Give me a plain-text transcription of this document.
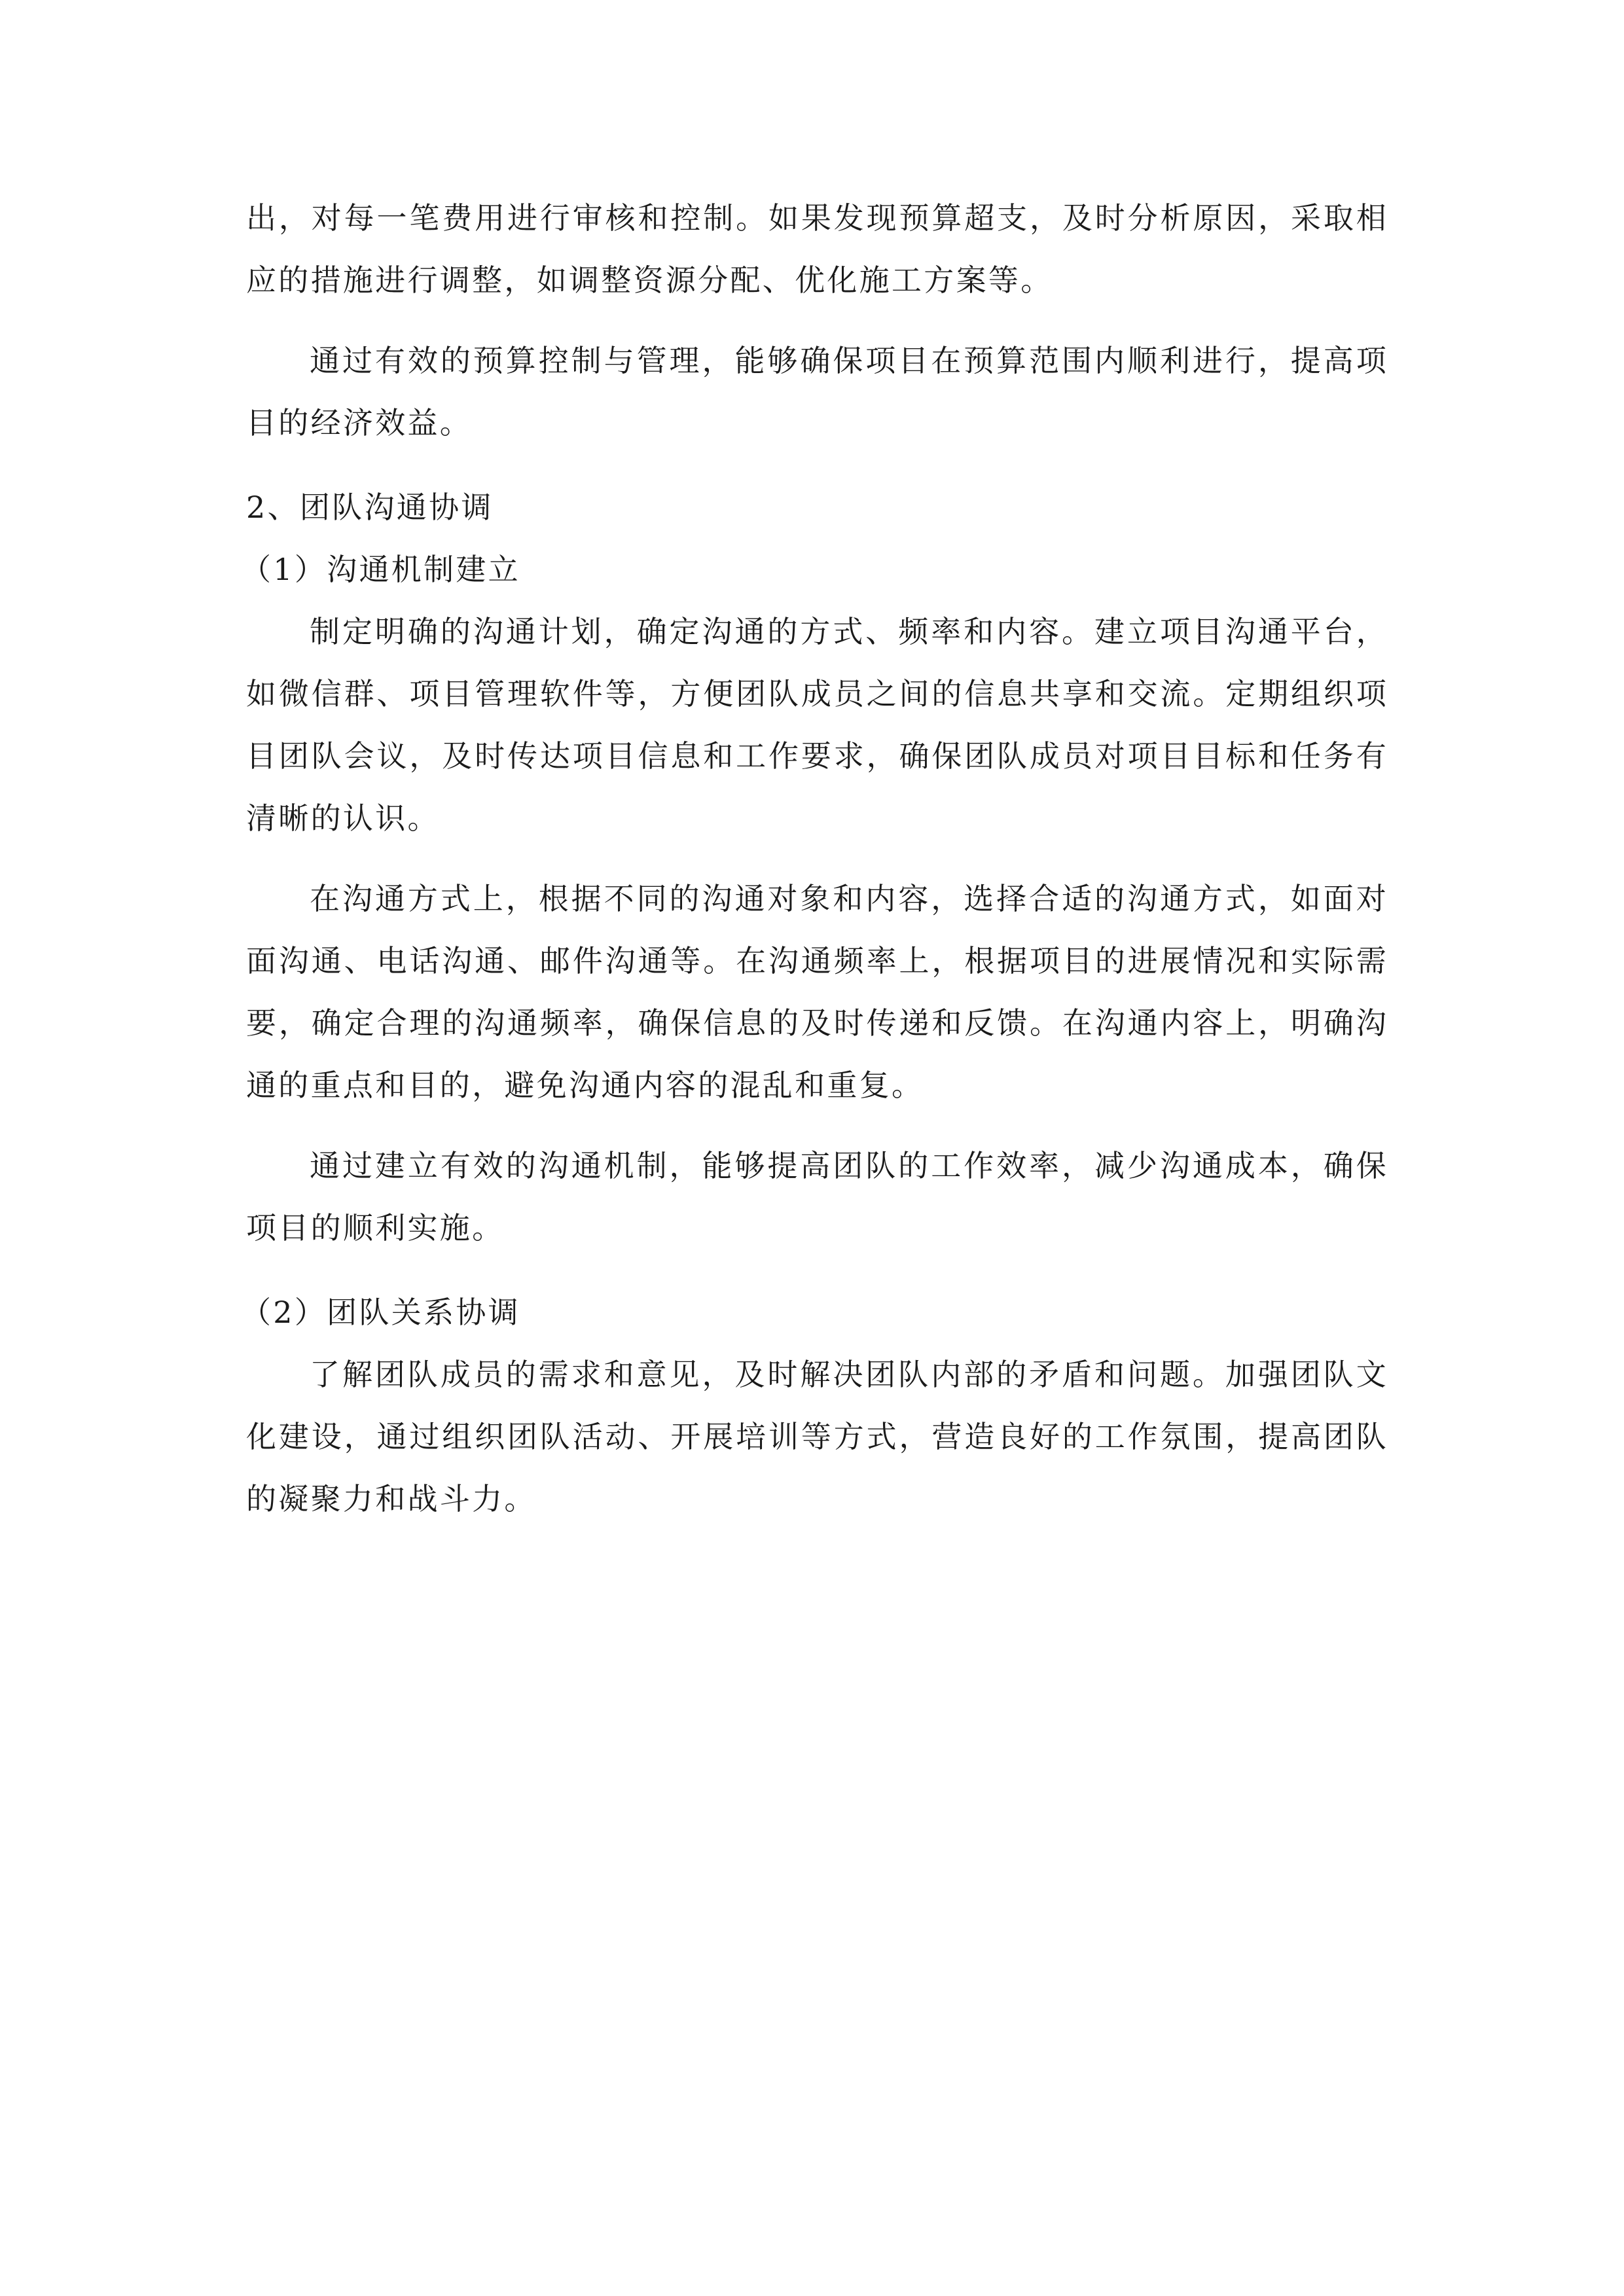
出，对每一笔费用进行审核和控制。如果发现预算超支，及时分析原因，采取相应的措施进行调整，如调整资源分配、优化施工方案等。

通过有效的预算控制与管理，能够确保项目在预算范围内顺利进行，提高项目的经济效益。

2、团队沟通协调

（1）沟通机制建立

制定明确的沟通计划，确定沟通的方式、频率和内容。建立项目沟通平台，如微信群、项目管理软件等，方便团队成员之间的信息共享和交流。定期组织项目团队会议，及时传达项目信息和工作要求，确保团队成员对项目目标和任务有清晰的认识。

在沟通方式上，根据不同的沟通对象和内容，选择合适的沟通方式，如面对面沟通、电话沟通、邮件沟通等。在沟通频率上，根据项目的进展情况和实际需要，确定合理的沟通频率，确保信息的及时传递和反馈。在沟通内容上，明确沟通的重点和目的，避免沟通内容的混乱和重复。

通过建立有效的沟通机制，能够提高团队的工作效率，减少沟通成本，确保项目的顺利实施。

（2）团队关系协调

了解团队成员的需求和意见，及时解决团队内部的矛盾和问题。加强团队文化建设，通过组织团队活动、开展培训等方式，营造良好的工作氛围，提高团队的凝聚力和战斗力。
